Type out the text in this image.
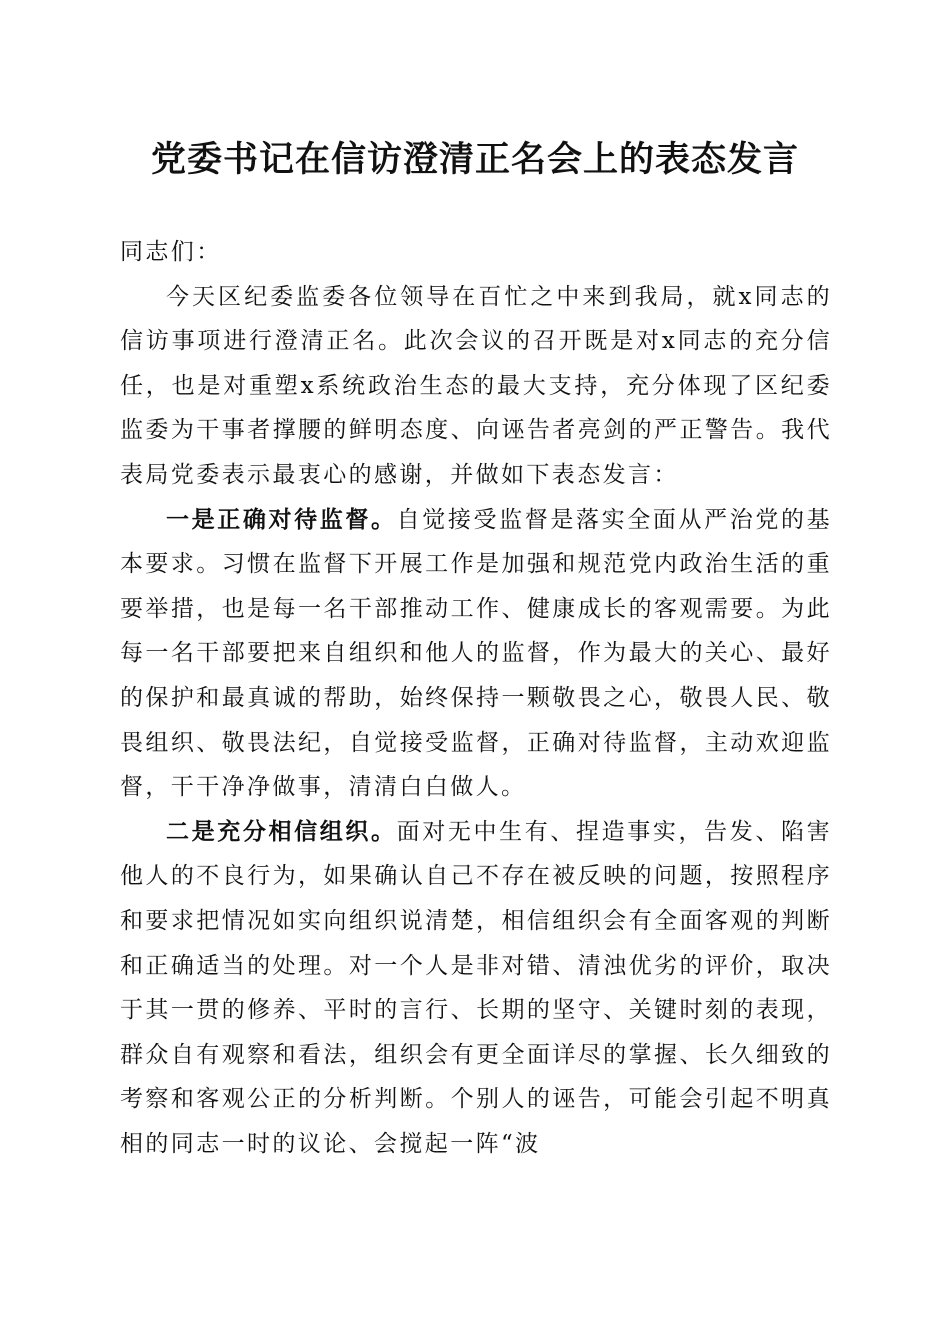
党委书记在信访澄清正名会上的表态发言

同志们：

今天区纪委监委各位领导在百忙之中来到我局，就x同志的信访事项进行澄清正名。此次会议的召开既是对x同志的充分信任，也是对重塑x系统政治生态的最大支持，充分体现了区纪委监委为干事者撑腰的鲜明态度、向诬告者亮剑的严正警告。我代表局党委表示最衷心的感谢，并做如下表态发言：

一是正确对待监督。自觉接受监督是落实全面从严治党的基本要求。习惯在监督下开展工作是加强和规范党内政治生活的重要举措，也是每一名干部推动工作、健康成长的客观需要。为此每一名干部要把来自组织和他人的监督，作为最大的关心、最好的保护和最真诚的帮助，始终保持一颗敬畏之心，敬畏人民、敬畏组织、敬畏法纪，自觉接受监督，正确对待监督，主动欢迎监督，干干净净做事，清清白白做人。

二是充分相信组织。面对无中生有、捏造事实，告发、陷害他人的不良行为，如果确认自己不存在被反映的问题，按照程序和要求把情况如实向组织说清楚，相信组织会有全面客观的判断和正确适当的处理。对一个人是非对错、清浊优劣的评价，取决于其一贯的修养、平时的言行、长期的坚守、关键时刻的表现，群众自有观察和看法，组织会有更全面详尽的掌握、长久细致的考察和客观公正的分析判断。个别人的诬告，可能会引起不明真相的同志一时的议论、会搅起一阵“波
